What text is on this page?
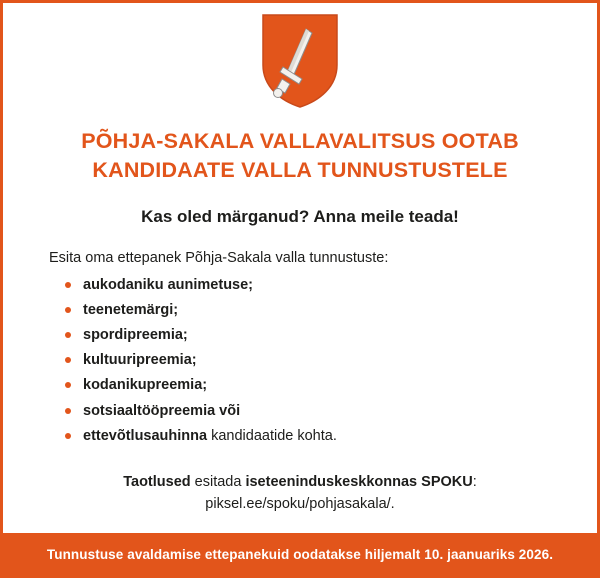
PÕHJA-SAKALA VALLAVALITSUS OOTAB
KANDIDAATE VALLA TUNNUSTUSTELE
Kas oled märganud? Anna meile teada!

Esita oma ettepanek Põhja-Sakala valla tunnustuste:

aukodaniku aunimetuse;
teenetemärgi;
spordipreemia;
kultuuripreemia;
kodanikupreemia;
sotsiaaltööpreemia või
ettevõtlusauhinna kandidaatide kohta.
Taotlused esitada iseteeninduskeskkonnas SPOKU:
piksel.ee/spoku/pohjasakala/.
Tunnustuse avaldamise ettepanekuid oodatakse hiljemalt 10. jaanuariks 2026.
